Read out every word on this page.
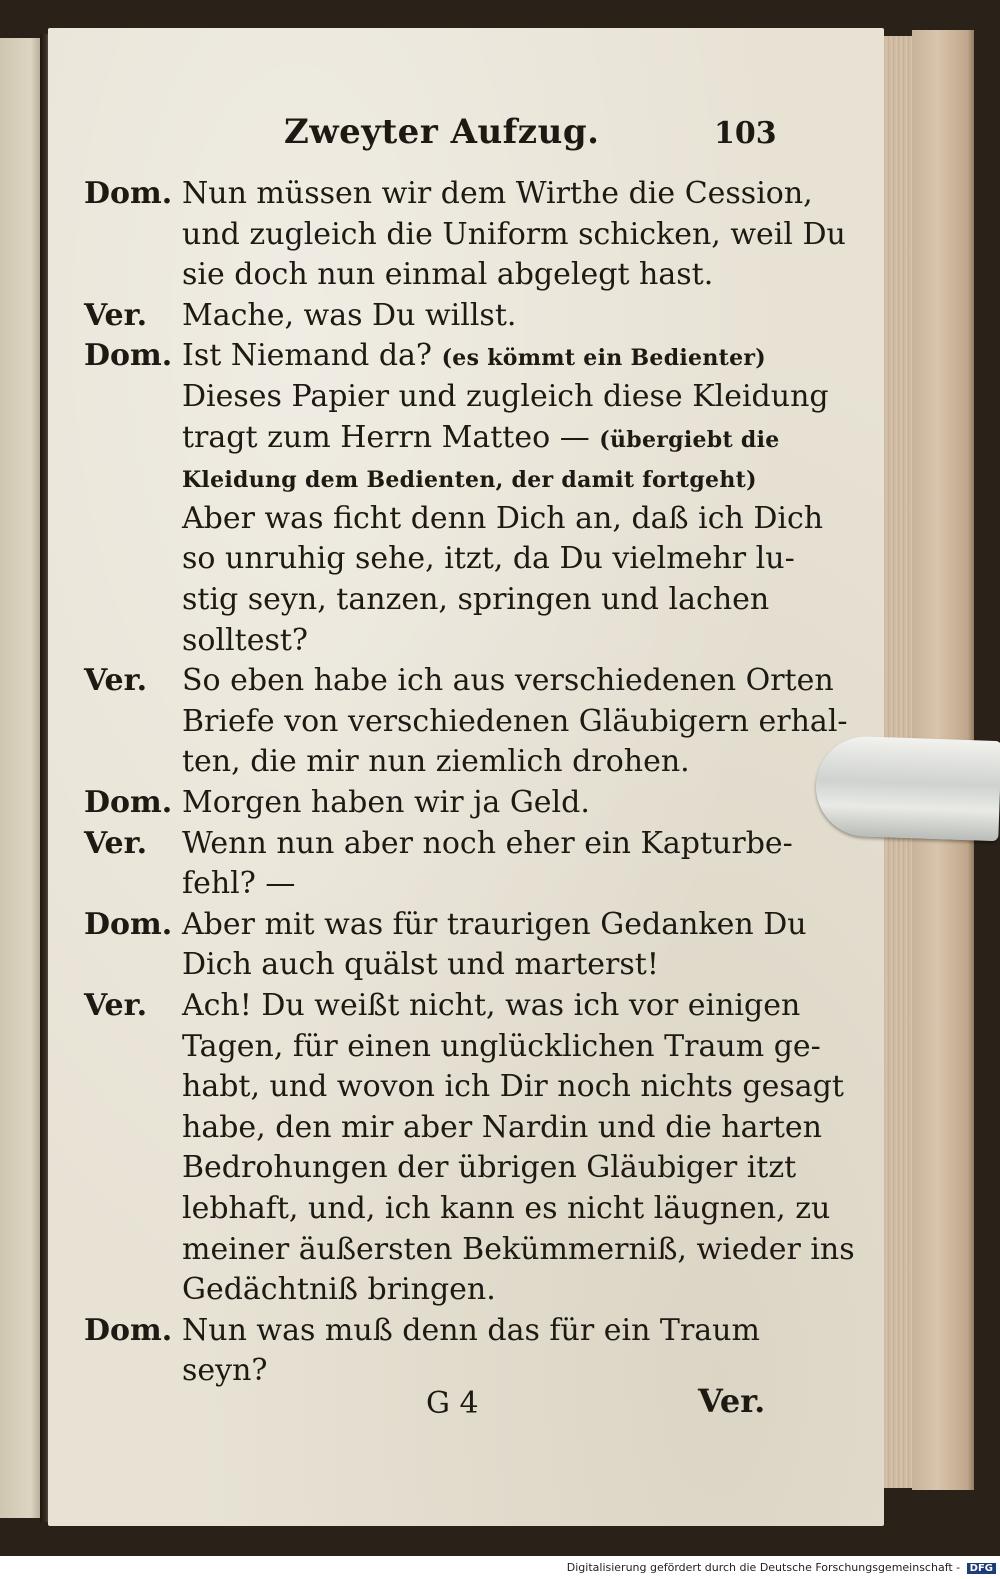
Zweyter Aufzug.	103
Dom. Nun müssen wir dem Wirthe die Cession,
und zugleich die Uniform schicken, weil Du
sie doch nun einmal abgelegt hast.
Ver.	Mache, was Du willst.
Dom. Ist Niemand da? (es kömmt ein Bedienter)
Dieses Papier und zugleich diese Kleidung
tragt zum Herrn Matteo — (übergiebt die
Kleidung dem Bedienten, der damit fortgeht)
Aber was ficht denn Dich an, daß ich Dich
so unruhig sehe, itzt, da Du vielmehr lu-
stig seyn, tanzen, springen und lachen
solltest?
Ver.	So eben habe ich aus verschiedenen Orten
Briefe von verschiedenen Gläubigern erhal-
ten, die mir nun ziemlich drohen.
Dom. Morgen haben wir ja Geld.
Ver.	Wenn nun aber noch eher ein Kapturbe-
fehl? —
Dom. Aber mit was für traurigen Gedanken Du
Dich auch quälst und marterst!
Ver.	Ach! Du weißt nicht, was ich vor einigen
Tagen, für einen unglücklichen Traum ge-
habt, und wovon ich Dir noch nichts gesagt
habe, den mir aber Nardin und die harten
Bedrohungen der übrigen Gläubiger itzt
lebhaft, und, ich kann es nicht läugnen, zu
meiner äußersten Bekümmerniß, wieder ins
Gedächtniß bringen.
Dom. Nun was muß denn das für ein Traum
seyn?
G 4	Ver.
Digitalisierung gefördert durch die Deutsche Forschungsgemeinschaft - DFG
